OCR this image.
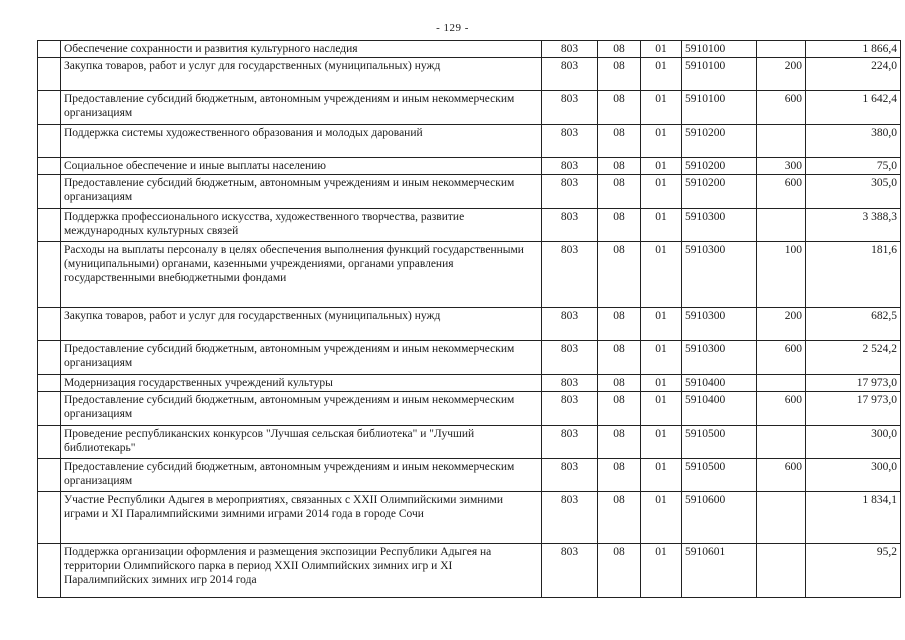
- 129 -
	Обеспечение сохранности и развития культурного наследия	803	08	01	5910100		1 866,4
	Закупка товаров, работ и услуг для государственных (муниципальных) нужд	803	08	01	5910100	200	224,0
	Предоставление субсидий бюджетным, автономным учреждениям и иным некоммерческим организациям	803	08	01	5910100	600	1 642,4
	Поддержка системы художественного образования и молодых дарований	803	08	01	5910200		380,0
	Социальное обеспечение и иные выплаты населению	803	08	01	5910200	300	75,0
	Предоставление субсидий бюджетным, автономным учреждениям и иным некоммерческим организациям	803	08	01	5910200	600	305,0
	Поддержка профессионального искусства, художественного творчества, развитие международных культурных связей	803	08	01	5910300		3 388,3
	Расходы на выплаты персоналу в целях обеспечения выполнения функций государственными (муниципальными) органами, казенными учреждениями, органами управления государственными внебюджетными фондами	803	08	01	5910300	100	181,6
	Закупка товаров, работ и услуг для государственных (муниципальных) нужд	803	08	01	5910300	200	682,5
	Предоставление субсидий бюджетным, автономным учреждениям и иным некоммерческим организациям	803	08	01	5910300	600	2 524,2
	Модернизация государственных учреждений культуры	803	08	01	5910400		17 973,0
	Предоставление субсидий бюджетным, автономным учреждениям и иным некоммерческим организациям	803	08	01	5910400	600	17 973,0
	Проведение республиканских конкурсов "Лучшая сельская библиотека" и "Лучший библиотекарь"	803	08	01	5910500		300,0
	Предоставление субсидий бюджетным, автономным учреждениям и иным некоммерческим организациям	803	08	01	5910500	600	300,0
	Участие Республики Адыгея в мероприятиях, связанных с XXII Олимпийскими зимними играми и XI Паралимпийскими зимними играми 2014 года в городе Сочи	803	08	01	5910600		1 834,1
	Поддержка организации оформления и размещения экспозиции Республики Адыгея на территории Олимпийского парка в период XXII Олимпийских зимних игр и XI Паралимпийских зимних игр 2014 года	803	08	01	5910601		95,2
